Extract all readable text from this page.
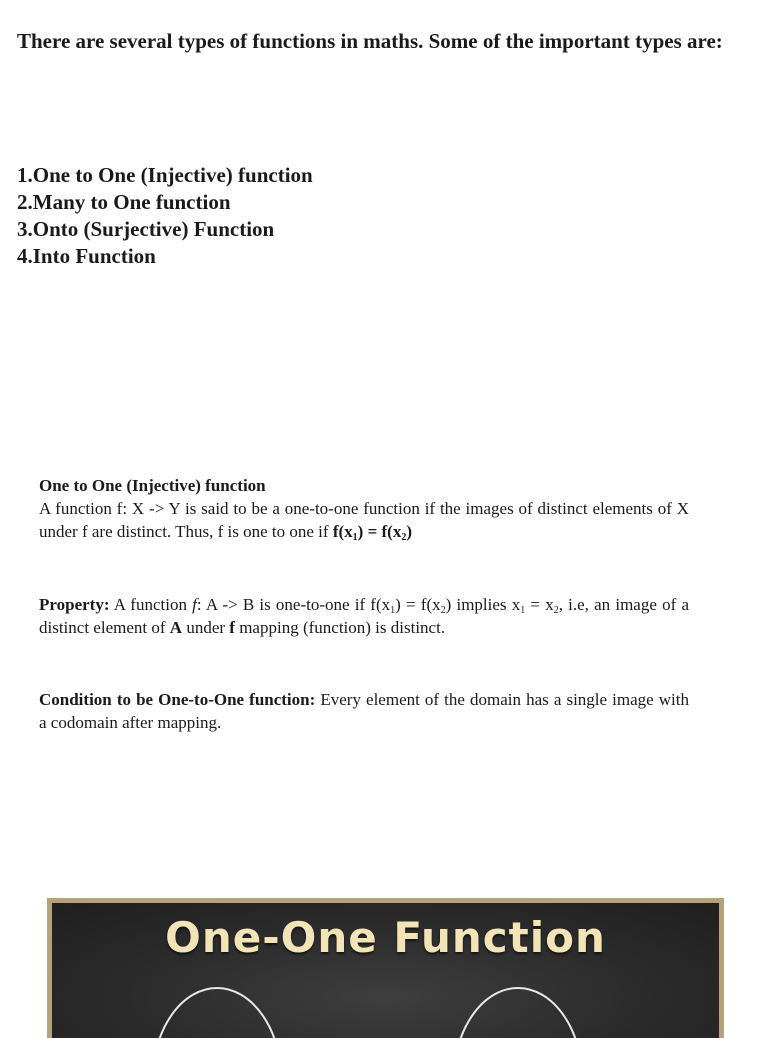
There are several types of functions in maths. Some of the important types are:

1.One to One (Injective) function
2.Many to One function
3.Onto (Surjective) Function
4.Into Function

One to One (Injective) function

A function f: X -> Y is said to be a one-to-one function if the images of distinct elements of X under f are distinct. Thus, f is one to one if $f(x_1) = f(x_2)$

Property: A function f: A -> B is one-to-one if $f(x_1) = f(x_2)$ implies $x_1 = x_2$, i.e, an image of a distinct element of A under f mapping (function) is distinct.

Condition to be One-to-One function: Every element of the domain has a single image with a codomain after mapping.

One-One Function
